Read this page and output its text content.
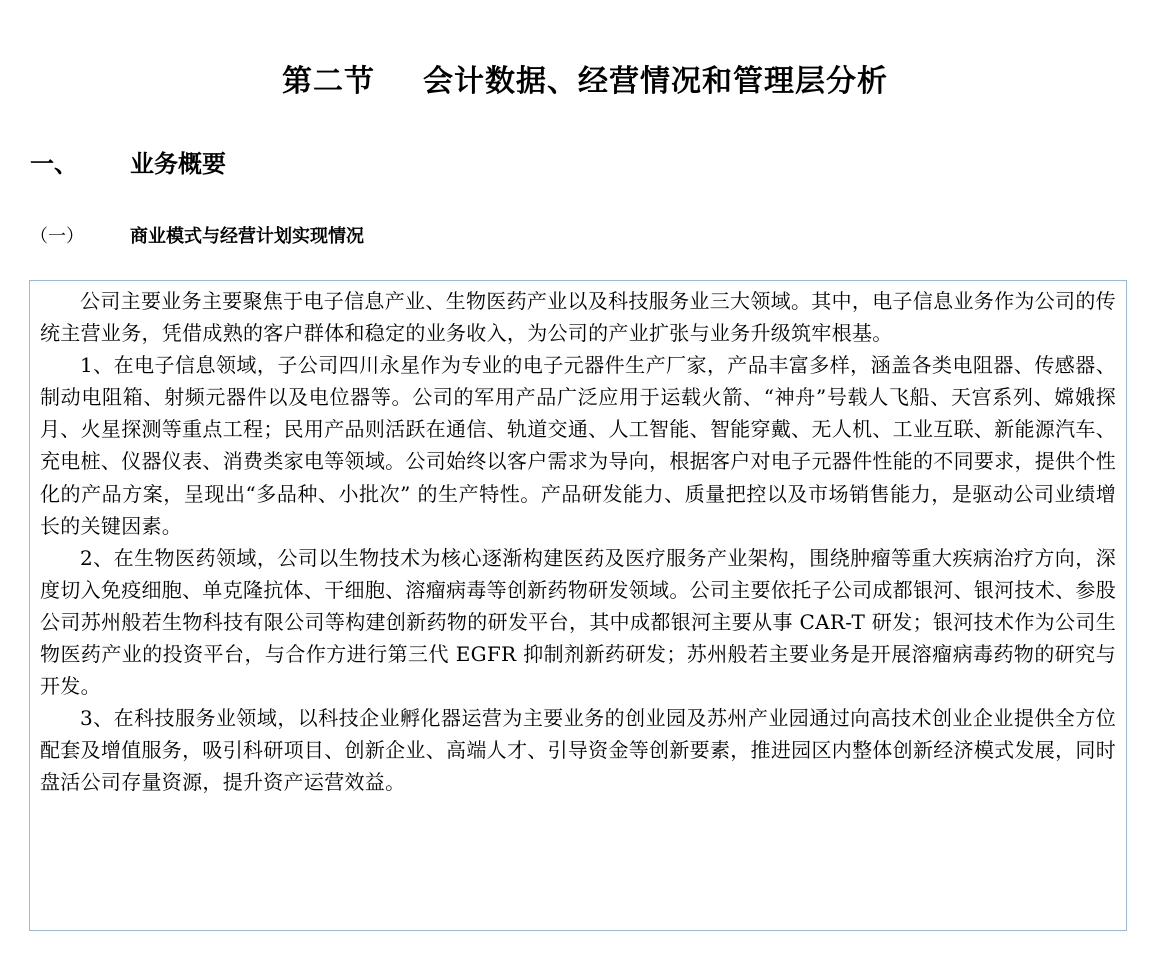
第二节 会计数据、经营情况和管理层分析
一、 业务概要
（一）	商业模式与经营计划实现情况

公司主要业务主要聚焦于电子信息产业、生物医药产业以及科技服务业三大领域。其中，电子信息业务作为公司的传统主营业务，凭借成熟的客户群体和稳定的业务收入，为公司的产业扩张与业务升级筑牢根基。

1、在电子信息领域，子公司四川永星作为专业的电子元器件生产厂家，产品丰富多样，涵盖各类电阻器、传感器、制动电阻箱、射频元器件以及电位器等。公司的军用产品广泛应用于运载火箭、“神舟”号载人飞船、天宫系列、嫦娥探月、火星探测等重点工程；民用产品则活跃在通信、轨道交通、人工智能、智能穿戴、无人机、工业互联、新能源汽车、充电桩、仪器仪表、消费类家电等领域。公司始终以客户需求为导向，根据客户对电子元器件性能的不同要求，提供个性化的产品方案，呈现出“多品种、小批次” 的生产特性。产品研发能力、质量把控以及市场销售能力，是驱动公司业绩增长的关键因素。

2、在生物医药领域，公司以生物技术为核心逐渐构建医药及医疗服务产业架构，围绕肿瘤等重大疾病治疗方向，深度切入免疫细胞、单克隆抗体、干细胞、溶瘤病毒等创新药物研发领域。公司主要依托子公司成都银河、银河技术、参股公司苏州般若生物科技有限公司等构建创新药物的研发平台，其中成都银河主要从事 CAR-T 研发；银河技术作为公司生物医药产业的投资平台，与合作方进行第三代 EGFR 抑制剂新药研发；苏州般若主要业务是开展溶瘤病毒药物的研究与开发。

3、在科技服务业领域，以科技企业孵化器运营为主要业务的创业园及苏州产业园通过向高技术创业企业提供全方位配套及增值服务，吸引科研项目、创新企业、高端人才、引导资金等创新要素，推进园区内整体创新经济模式发展，同时盘活公司存量资源，提升资产运营效益。
